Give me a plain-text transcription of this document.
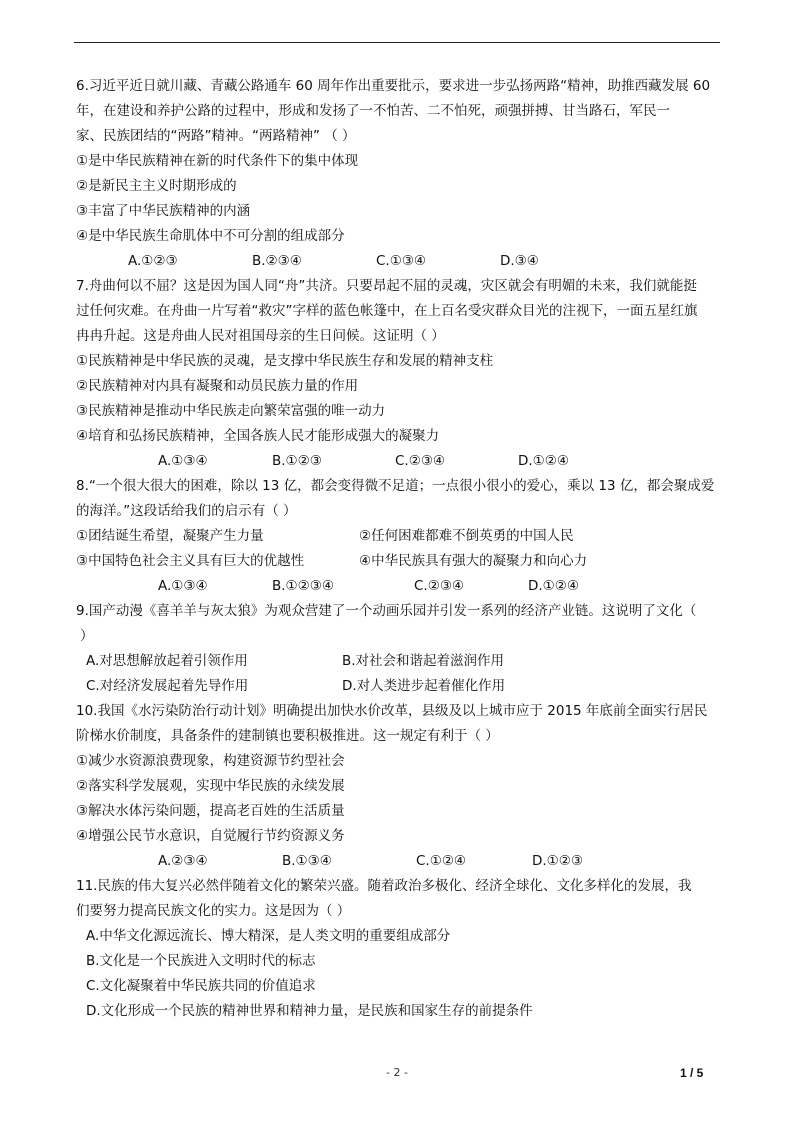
6.习近平近日就川藏、青藏公路通车 60 周年作出重要批示，要求进一步弘扬两路“精神，助推西藏发展 60
年，在建设和养护公路的过程中，形成和发扬了一不怕苦、二不怕死，顽强拼搏、甘当路石，军民一
家、民族团结的“两路”精神。“两路精神” （ ）
①是中华民族精神在新的时代条件下的集中体现
②是新民主主义时期形成的
③丰富了中华民族精神的内涵
④是中华民族生命肌体中不可分割的组成部分
A.①②③	B.②③④	C.①③④	D.③④
7.舟曲何以不屈？这是因为国人同“舟”共济。只要昂起不屈的灵魂，灾区就会有明媚的未来，我们就能挺
过任何灾难。在舟曲一片写着“救灾”字样的蓝色帐篷中，在上百名受灾群众目光的注视下，一面五星红旗
冉冉升起。这是舟曲人民对祖国母亲的生日问候。这证明（ ）
①民族精神是中华民族的灵魂，是支撑中华民族生存和发展的精神支柱
②民族精神对内具有凝聚和动员民族力量的作用
③民族精神是推动中华民族走向繁荣富强的唯一动力
④培育和弘扬民族精神，全国各族人民才能形成强大的凝聚力
A.①③④	B.①②③	C.②③④	D.①②④
8.“一个很大很大的困难，除以 13 亿，都会变得微不足道；一点很小很小的爱心，乘以 13 亿，都会聚成爱
的海洋。”这段话给我们的启示有（ ）
①团结诞生希望，凝聚产生力量	②任何困难都难不倒英勇的中国人民
③中国特色社会主义具有巨大的优越性	④中华民族具有强大的凝聚力和向心力
A.①③④	B.①②③④	C.②③④	D.①②④
9.国产动漫《喜羊羊与灰太狼》为观众营建了一个动画乐园并引发一系列的经济产业链。这说明了文化（
）
A.对思想解放起着引领作用	B.对社会和谐起着滋润作用
C.对经济发展起着先导作用	D.对人类进步起着催化作用
10.我国《水污染防治行动计划》明确提出加快水价改革，县级及以上城市应于 2015 年底前全面实行居民
阶梯水价制度，具备条件的建制镇也要积极推进。这一规定有利于（ ）
①减少水资源浪费现象，构建资源节约型社会
②落实科学发展观，实现中华民族的永续发展
③解决水体污染问题，提高老百姓的生活质量
④增强公民节水意识，自觉履行节约资源义务
A.②③④	B.①③④	C.①②④	D.①②③
11.民族的伟大复兴必然伴随着文化的繁荣兴盛。随着政治多极化、经济全球化、文化多样化的发展，我
们要努力提高民族文化的实力。这是因为（ ）
A.中华文化源远流长、博大精深，是人类文明的重要组成部分
B.文化是一个民族进入文明时代的标志
C.文化凝聚着中华民族共同的价值追求
D.文化形成一个民族的精神世界和精神力量，是民族和国家生存的前提条件
- 2 -	1 / 5
